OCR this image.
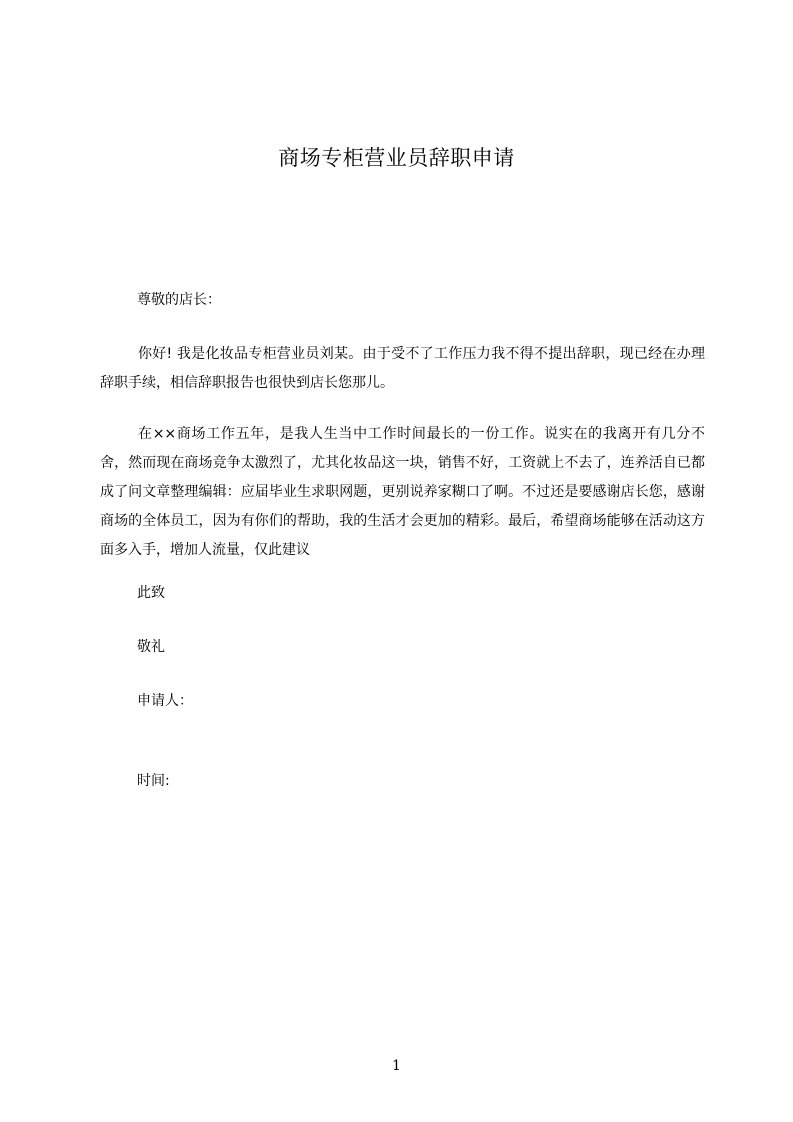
商场专柜营业员辞职申请
尊敬的店长：
你好! 我是化妆品专柜营业员刘某。由于受不了工作压力我不得不提出辞职，现已经在办理辞职手续，相信辞职报告也很快到店长您那儿。
在××商场工作五年，是我人生当中工作时间最长的一份工作。说实在的我离开有几分不舍，然而现在商场竞争太激烈了，尤其化妆品这一块，销售不好，工资就上不去了，连养活自已都成了问文章整理编辑：应届毕业生求职网题，更别说养家糊口了啊。不过还是要感谢店长您，感谢商场的全体员工，因为有你们的帮助，我的生活才会更加的精彩。最后，希望商场能够在活动这方面多入手，增加人流量，仅此建议
此致
敬礼
申请人：
时间:
1
